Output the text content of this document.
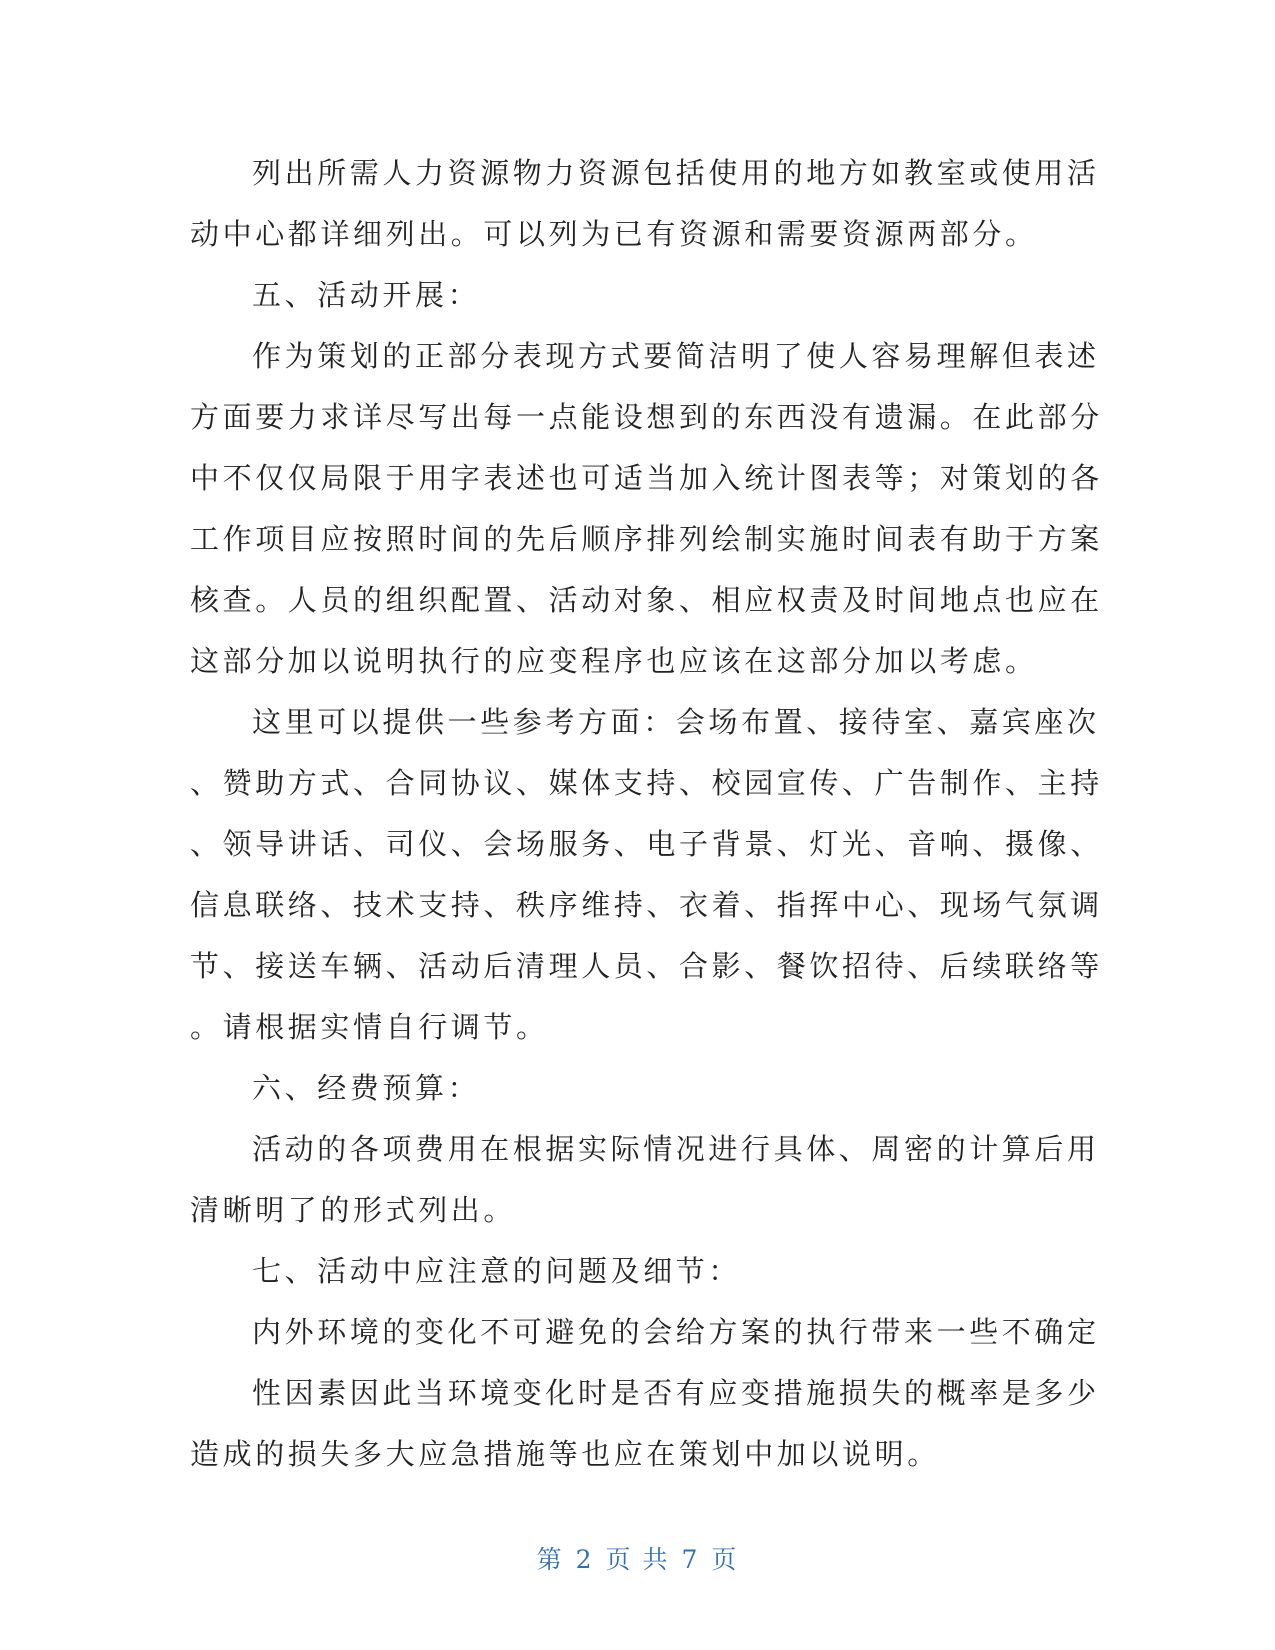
列出所需人力资源物力资源包括使用的地方如教室或使用活

动中心都详细列出。可以列为已有资源和需要资源两部分。

五、活动开展：

作为策划的正部分表现方式要简洁明了使人容易理解但表述

方面要力求详尽写出每一点能设想到的东西没有遗漏。在此部分

中不仅仅局限于用字表述也可适当加入统计图表等；对策划的各

工作项目应按照时间的先后顺序排列绘制实施时间表有助于方案

核查。人员的组织配置、活动对象、相应权责及时间地点也应在

这部分加以说明执行的应变程序也应该在这部分加以考虑。

这里可以提供一些参考方面：会场布置、接待室、嘉宾座次

、赞助方式、合同协议、媒体支持、校园宣传、广告制作、主持

、领导讲话、司仪、会场服务、电子背景、灯光、音响、摄像、

信息联络、技术支持、秩序维持、衣着、指挥中心、现场气氛调

节、接送车辆、活动后清理人员、合影、餐饮招待、后续联络等

。请根据实情自行调节。

六、经费预算：

活动的各项费用在根据实际情况进行具体、周密的计算后用

清晰明了的形式列出。

七、活动中应注意的问题及细节：

内外环境的变化不可避免的会给方案的执行带来一些不确定

性因素因此当环境变化时是否有应变措施损失的概率是多少

造成的损失多大应急措施等也应在策划中加以说明。

第 2 页 共 7 页
